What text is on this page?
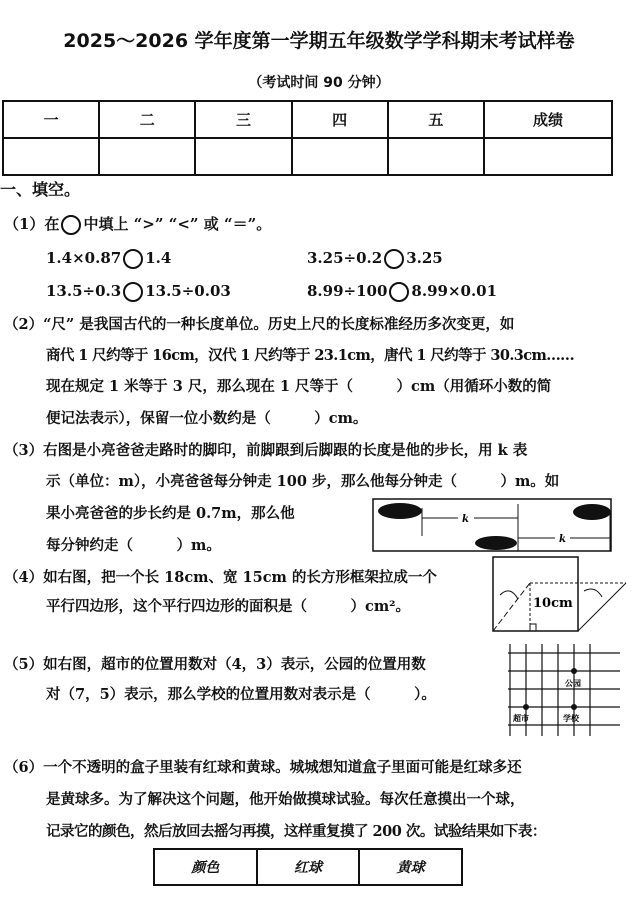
2025～2026 学年度第一学期五年级数学学科期末考试样卷
（考试时间 90 分钟）
一	二	三	四	五	成绩

一、填空。
（1）在 中填上 “>” “<” 或 “＝”。
1.4×0.87 1.4	3.25÷0.2 3.25
13.5÷0.3 13.5÷0.03	8.99÷100 8.99×0.01
（2）“尺” 是我国古代的一种长度单位。历史上尺的长度标准经历多次变更，如
商代 1 尺约等于 16cm，汉代 1 尺约等于 23.1cm，唐代 1 尺约等于 30.3cm……
现在规定 1 米等于 3 尺，那么现在 1 尺等于（　　　）cm（用循环小数的简
便记法表示），保留一位小数约是（　　　）cm。
（3）右图是小亮爸爸走路时的脚印，前脚跟到后脚跟的长度是他的步长，用 k 表
示（单位：m），小亮爸爸每分钟走 100 步，那么他每分钟走（　　　）m。如
果小亮爸爸的步长约是 0.7m，那么他
每分钟约走（　　　）m。
k
k
（4）如右图，把一个长 18cm、宽 15cm 的长方形框架拉成一个
平行四边形，这个平行四边形的面积是（　　　）cm²。	10cm
（5）如右图，超市的位置用数对（4，3）表示，公园的位置用数
对（7，5）表示，那么学校的位置用数对表示是（　　　）。
公园
超市	学校
（6）一个不透明的盒子里装有红球和黄球。城城想知道盒子里面可能是红球多还
是黄球多。为了解决这个问题，他开始做摸球试验。每次任意摸出一个球，
记录它的颜色，然后放回去摇匀再摸，这样重复摸了 200 次。试验结果如下表：
颜色	红球	黄球
